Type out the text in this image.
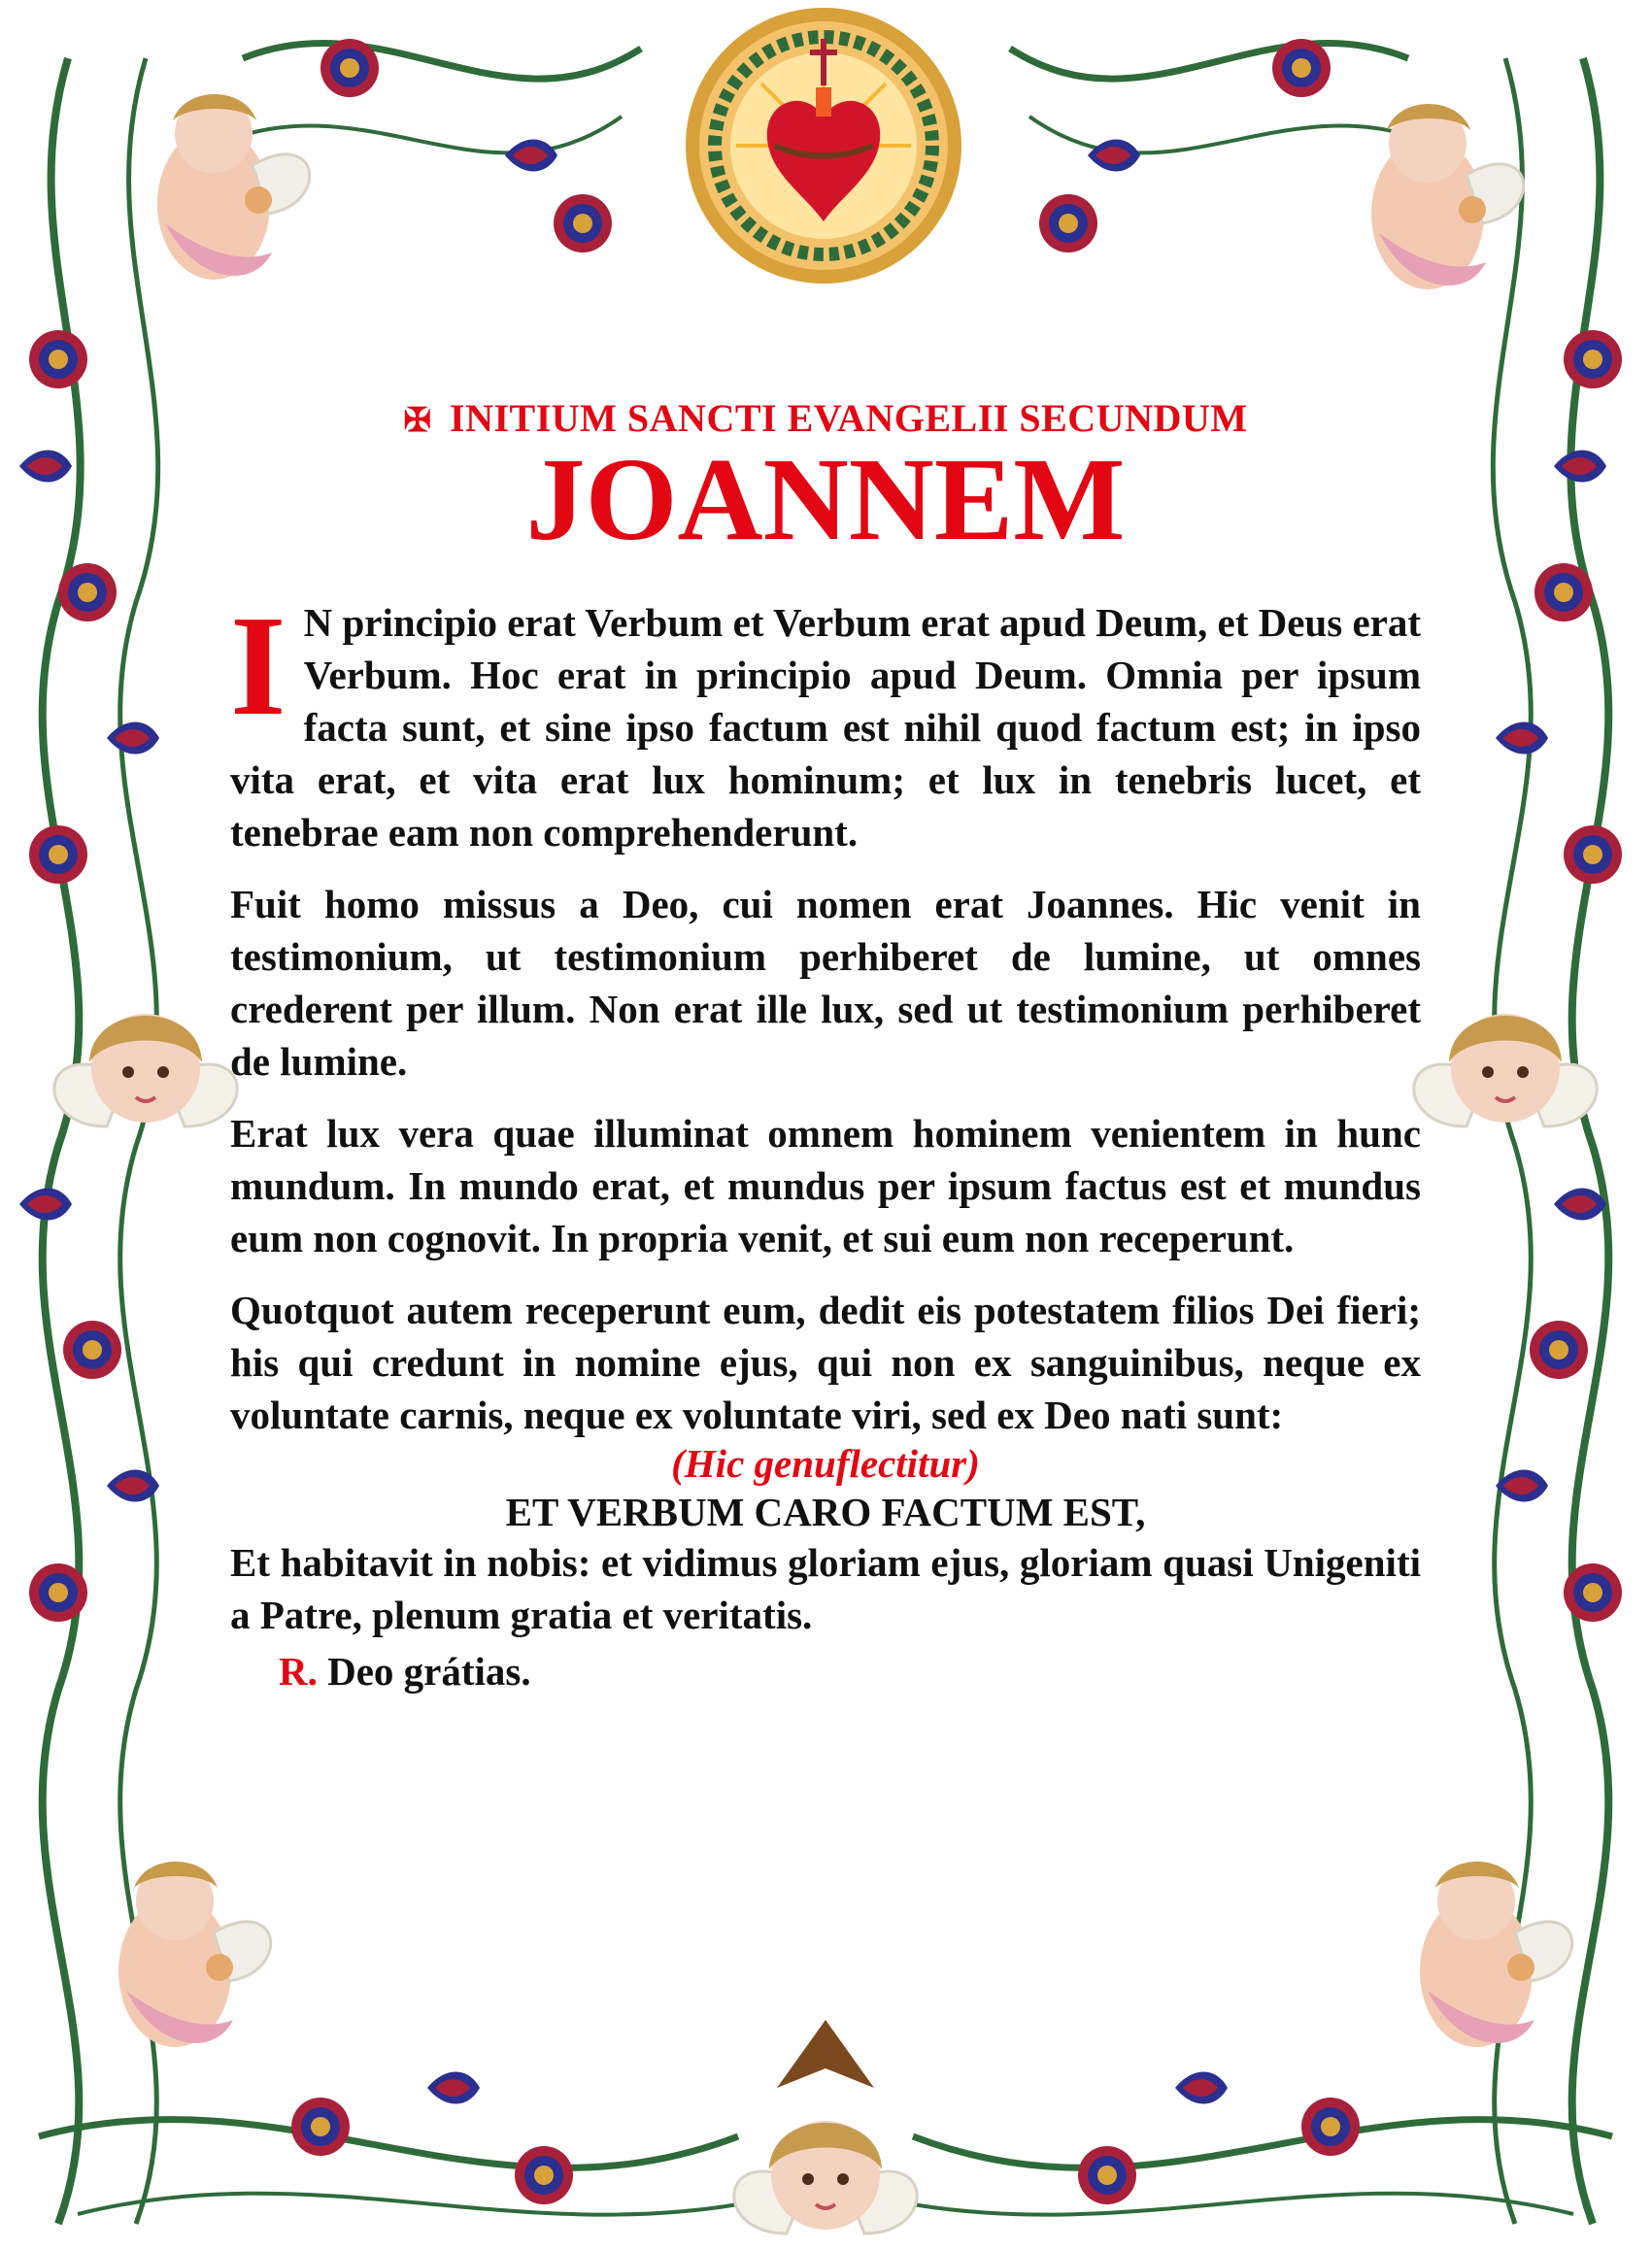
✠ INITIUM SANCTI EVANGELII SECUNDUM
JOANNEM

I N principio erat Verbum et Verbum erat apud Deum, et Deus erat Verbum. Hoc erat in principio apud Deum. Omnia per ipsum facta sunt, et sine ipso factum est nihil quod factum est; in ipso vita erat, et vita erat lux hominum; et lux in tenebris lucet, et tenebrae eam non comprehenderunt.

Fuit homo missus a Deo, cui nomen erat Joannes. Hic venit in testimonium, ut testimonium perhiberet de lumine, ut omnes crederent per illum. Non erat ille lux, sed ut testimonium perhiberet de lumine.

Erat lux vera quae illuminat omnem hominem venientem in hunc mundum. In mundo erat, et mundus per ipsum factus est et mundus eum non cognovit. In propria venit, et sui eum non receperunt.

Quotquot autem receperunt eum, dedit eis potestatem filios Dei fieri; his qui credunt in nomine ejus, qui non ex sanguinibus, neque ex voluntate carnis, neque ex voluntate viri, sed ex Deo nati sunt:

(Hic genuflectitur)
ET VERBUM CARO FACTUM EST,

Et habitavit in nobis: et vidimus gloriam ejus, gloriam quasi Unigeniti a Patre, plenum gratia et veritatis.

R. Deo grátias.
